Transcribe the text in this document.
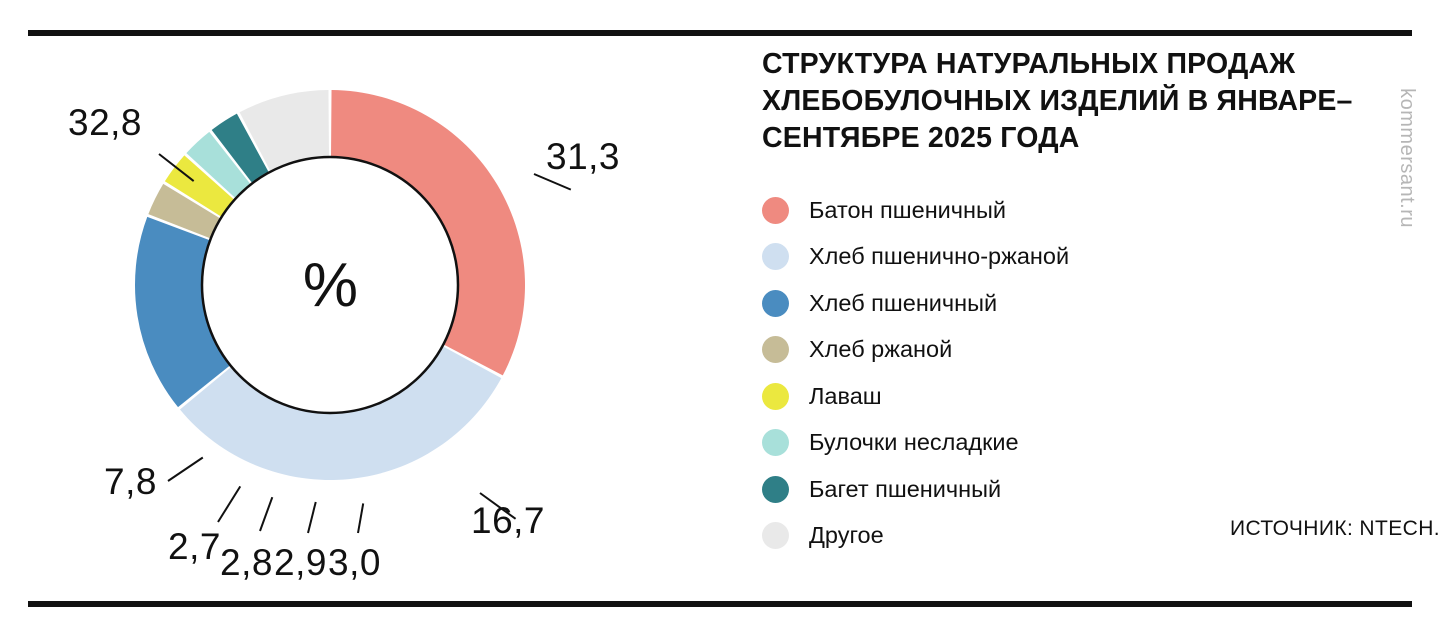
%
32,8
31,3
16,7
7,8
2,7 2,8 2,9 3,0
СТРУКТУРА НАТУРАЛЬНЫХ ПРОДАЖ ХЛЕБОБУЛОЧНЫХ ИЗДЕЛИЙ В ЯНВАРЕ–СЕНТЯБРЕ 2025 ГОДА
Батон пшеничный
Хлеб пшенично-ржаной
Хлеб пшеничный
Хлеб ржаной
Лаваш
Булочки несладкие
Багет пшеничный
Другое	ИСТОЧНИК: NTECH.
kommersant.ru
